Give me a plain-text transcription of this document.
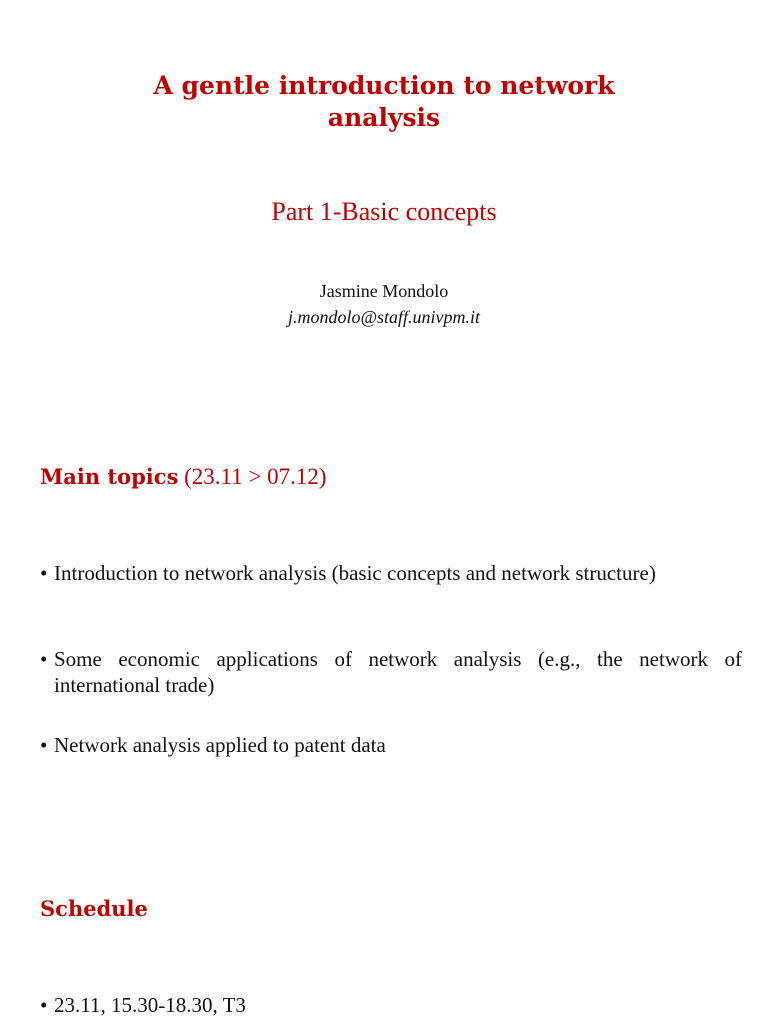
A gentle introduction to network
analysis
Part 1-Basic concepts
Jasmine Mondolo
j.mondolo@staff.univpm.it
Main topics (23.11 > 07.12)
• Introduction to network analysis (basic concepts and network structure)
• Some economic applications of network analysis (e.g., the network of international trade)
• Network analysis applied to patent data
Schedule
• 23.11, 15.30-18.30, T3
